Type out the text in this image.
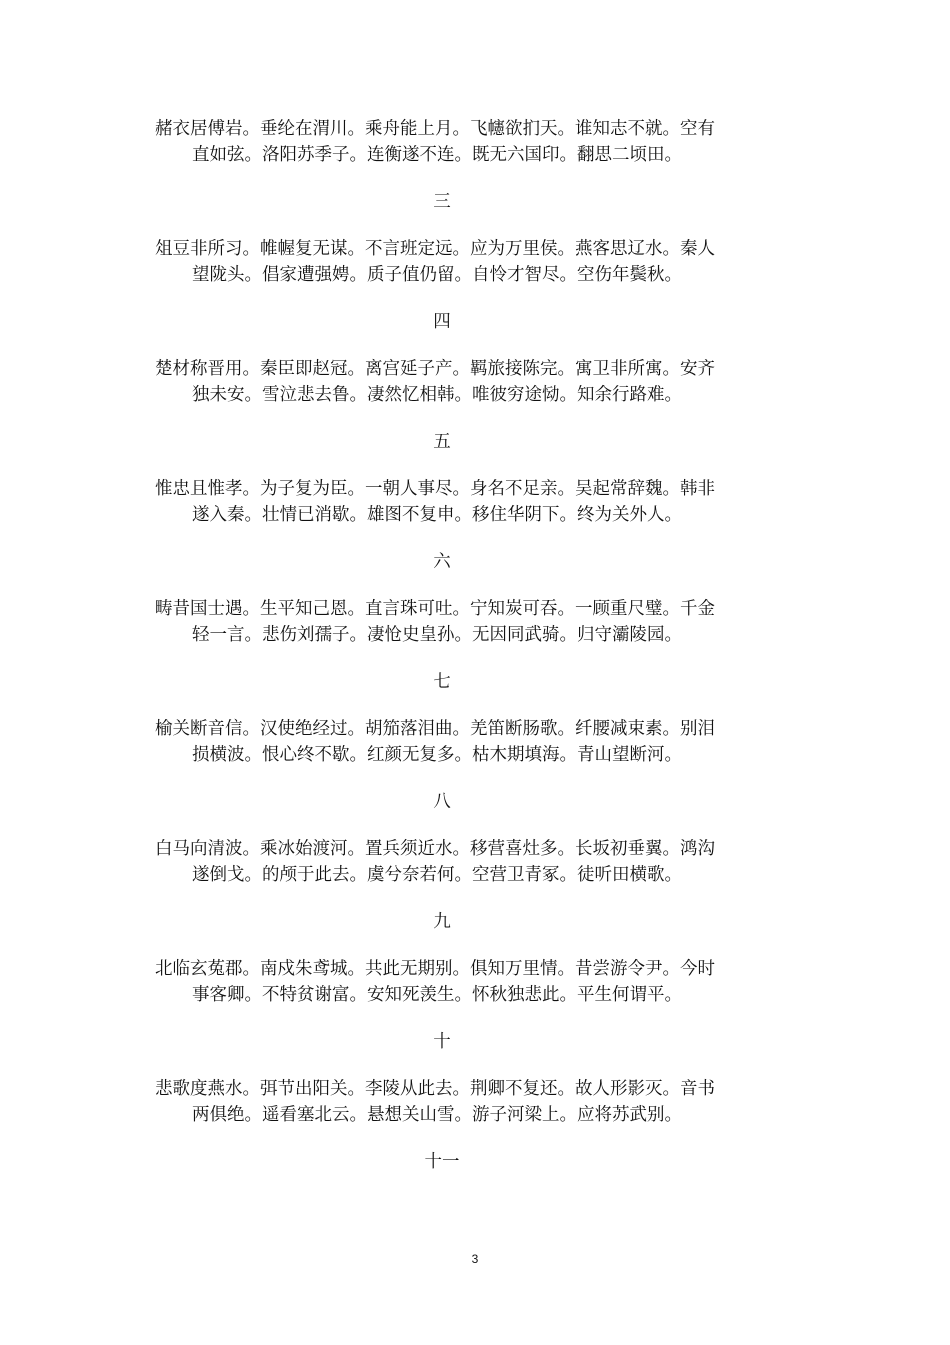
赭衣居傅岩。垂纶在渭川。乘舟能上月。飞幰欲扪天。谁知志不就。空有
直如弦。洛阳苏季子。连衡遂不连。既无六国印。翻思二顷田。
三
俎豆非所习。帷幄复无谋。不言班定远。应为万里侯。燕客思辽水。秦人
望陇头。倡家遭强娉。质子值仍留。自怜才智尽。空伤年鬓秋。
四
楚材称晋用。秦臣即赵冠。离宫延子产。羁旅接陈完。寓卫非所寓。安齐
独未安。雪泣悲去鲁。凄然忆相韩。唯彼穷途恸。知余行路难。
五
惟忠且惟孝。为子复为臣。一朝人事尽。身名不足亲。吴起常辞魏。韩非
遂入秦。壮情已消歇。雄图不复申。移住华阴下。终为关外人。
六
畴昔国士遇。生平知己恩。直言珠可吐。宁知炭可吞。一顾重尺璧。千金
轻一言。悲伤刘孺子。凄怆史皇孙。无因同武骑。归守灞陵园。
七
榆关断音信。汉使绝经过。胡笳落泪曲。羌笛断肠歌。纤腰减束素。别泪
损横波。恨心终不歇。红颜无复多。枯木期填海。青山望断河。
八
白马向清波。乘冰始渡河。置兵须近水。移营喜灶多。长坂初垂翼。鸿沟
遂倒戈。的颅于此去。虞兮奈若何。空营卫青冢。徒听田横歌。
九
北临玄菟郡。南戍朱鸢城。共此无期别。俱知万里情。昔尝游令尹。今时
事客卿。不特贫谢富。安知死羡生。怀秋独悲此。平生何谓平。
十
悲歌度燕水。弭节出阳关。李陵从此去。荆卿不复还。故人形影灭。音书
两俱绝。遥看塞北云。悬想关山雪。游子河梁上。应将苏武别。
十一
3
